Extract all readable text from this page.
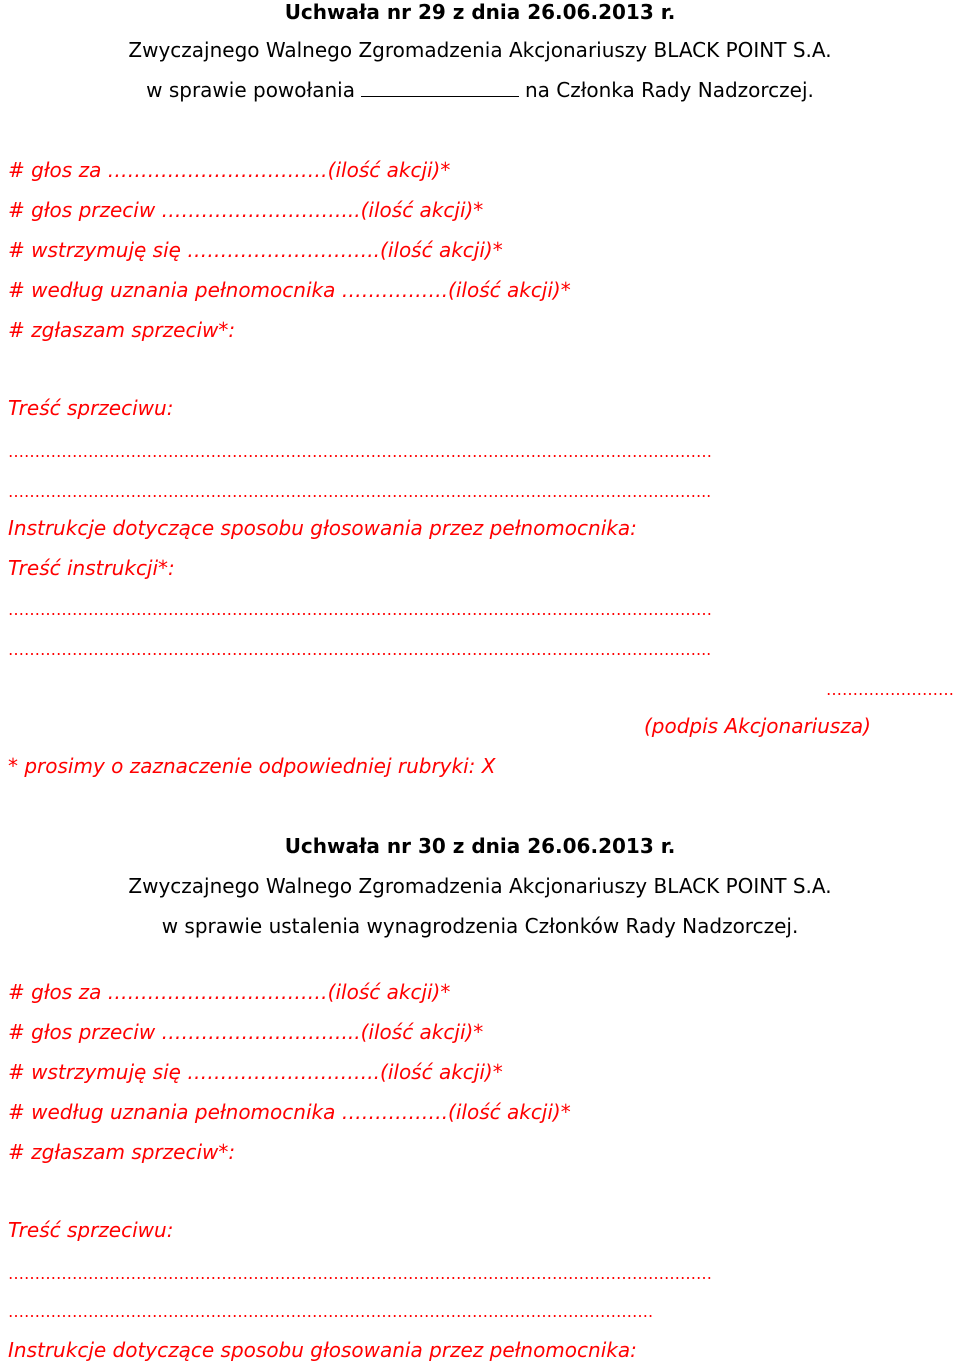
Uchwała nr 29 z dnia 26.06.2013 r.
Zwyczajnego Walnego Zgromadzenia Akcjonariuszy BLACK POINT S.A.
w sprawie powołania	na Członka Rady Nadzorczej.
# głos za ……………………………(ilość akcji)*
# głos przeciw ………………………...(ilość akcji)*
# wstrzymuję się ………………………..(ilość akcji)*
# według uznania pełnomocnika …………….(ilość akcji)*
# zgłaszam sprzeciw*:
Treść sprzeciwu:
……………………………………………………………………………………………………………………
…………………………………………………………………………………………………………………...
Instrukcje dotyczące sposobu głosowania przez pełnomocnika:
Treść instrukcji*:
……………………………………………………………………………………………………………………
…………………………………………………………………………………………………………………...
……………………
(podpis Akcjonariusza)
* prosimy o zaznaczenie odpowiedniej rubryki: X
Uchwała nr 30 z dnia 26.06.2013 r.
Zwyczajnego Walnego Zgromadzenia Akcjonariuszy BLACK POINT S.A.
w sprawie ustalenia wynagrodzenia Członków Rady Nadzorczej.
# głos za ……………………………(ilość akcji)*
# głos przeciw ………………………...(ilość akcji)*
# wstrzymuję się ………………………..(ilość akcji)*
# według uznania pełnomocnika …………….(ilość akcji)*
# zgłaszam sprzeciw*:
Treść sprzeciwu:
……………………………………………………………………………………………………………………
………………………………………………………………………………………………………….
Instrukcje dotyczące sposobu głosowania przez pełnomocnika:
